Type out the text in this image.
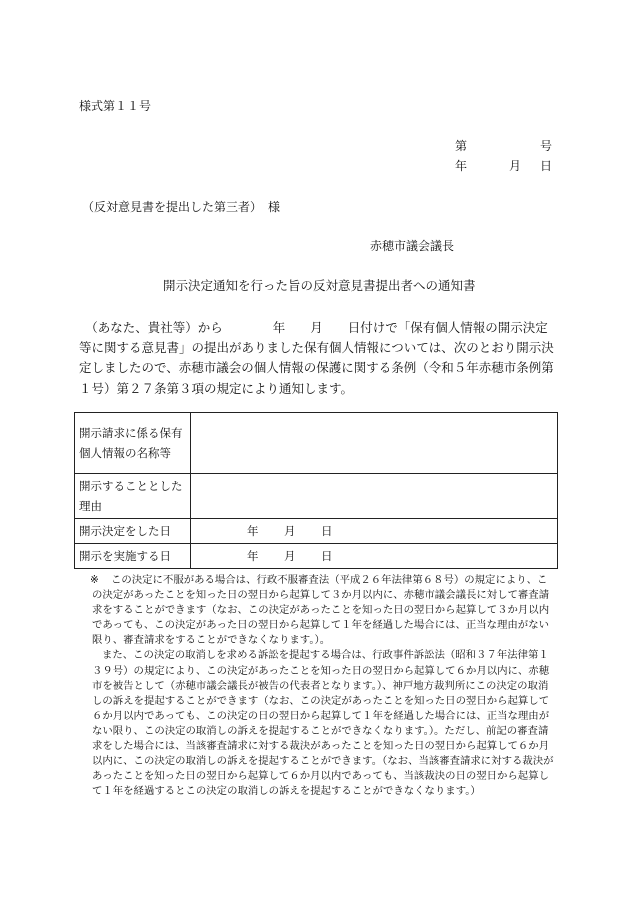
様式第１１号
第	号
年	月 日
（反対意見書を提出した第三者）　様
赤穂市議会議長
開示決定通知を行った旨の反対意見書提出者への通知書

　（あなた、貴社等）から　　　　年　　月　　日付けで「保有個人情報の開示決定等に関する意見書」の提出がありました保有個人情報については、次のとおり開示決定しましたので、赤穂市議会の個人情報の保護に関する条例（令和５年赤穂市条例第１号）第２７条第３項の規定により通知します。

開示請求に係る保有個人情報の名称等	
開示することとした理由	
開示決定をした日	年 月 日

開示を実施する日	年 月 日
※	この決定に不服がある場合は、行政不服審査法（平成２６年法律第６８号）の規定により、この決定があったことを知った日の翌日から起算して３か月以内に、赤穂市議会議長に対して審査請求をすることができます（なお、この決定があったことを知った日の翌日から起算して３か月以内であっても、この決定があった日の翌日から起算して１年を経過した場合には、正当な理由がない限り、審査請求をすることができなくなります。）。

また、この決定の取消しを求める訴訟を提起する場合は、行政事件訴訟法（昭和３７年法律第１３９号）の規定により、この決定があったことを知った日の翌日から起算して６か月以内に、赤穂市を被告として（赤穂市議会議長が被告の代表者となります。）、神戸地方裁判所にこの決定の取消しの訴えを提起することができます（なお、この決定があったことを知った日の翌日から起算して６か月以内であっても、この決定の日の翌日から起算して１年を経過した場合には、正当な理由がない限り、この決定の取消しの訴えを提起することができなくなります。）。ただし、前記の審査請求をした場合には、当該審査請求に対する裁決があったことを知った日の翌日から起算して６か月以内に、この決定の取消しの訴えを提起することができます。（なお、当該審査請求に対する裁決があったことを知った日の翌日から起算して６か月以内であっても、当該裁決の日の翌日から起算して１年を経過するとこの決定の取消しの訴えを提起することができなくなります。）
